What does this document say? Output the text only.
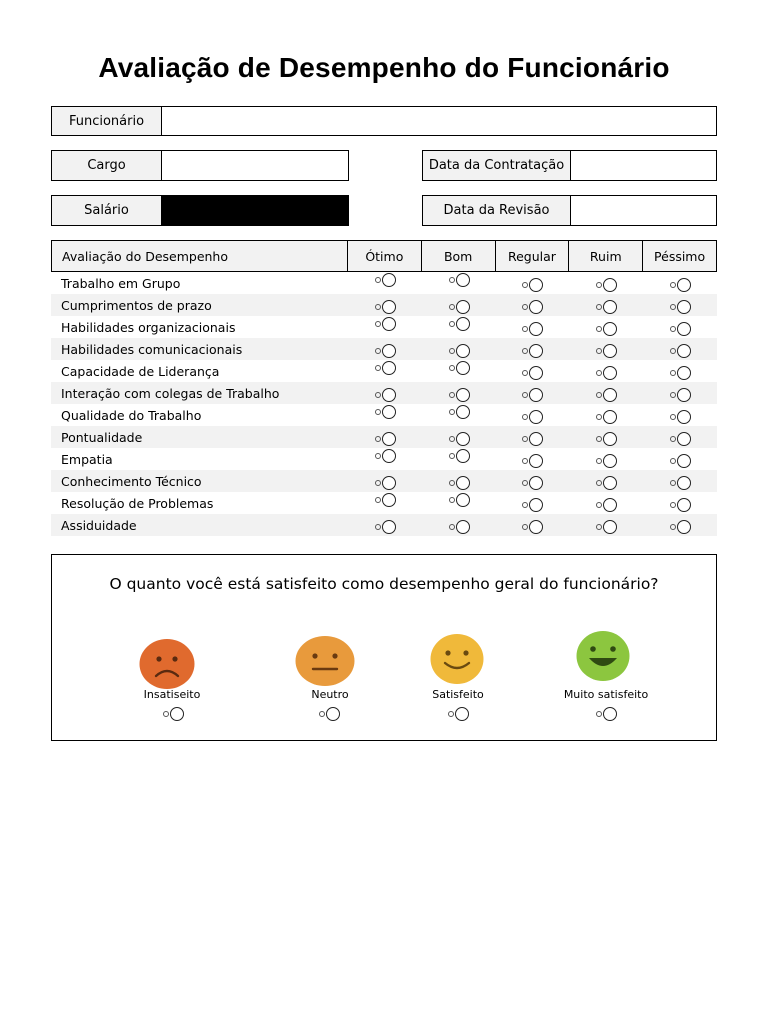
Avaliação de Desempenho do Funcionário
Funcionário
Cargo	Data da Contratação
Salário	Data da Revisão
Avaliação do Desempenho	Ótimo	Bom	Regular	Ruim	Péssimo
Trabalho em Grupo
Cumprimentos de prazo
Habilidades organizacionais
Habilidades comunicacionais
Capacidade de Liderança
Interação com colegas de Trabalho
Qualidade do Trabalho
Pontualidade
Empatia
Conhecimento Técnico
Resolução de Problemas
Assiduidade
O quanto você está satisfeito como desempenho geral do funcionário?
Insatiseito	Neutro	Satisfeito	Muito satisfeito
